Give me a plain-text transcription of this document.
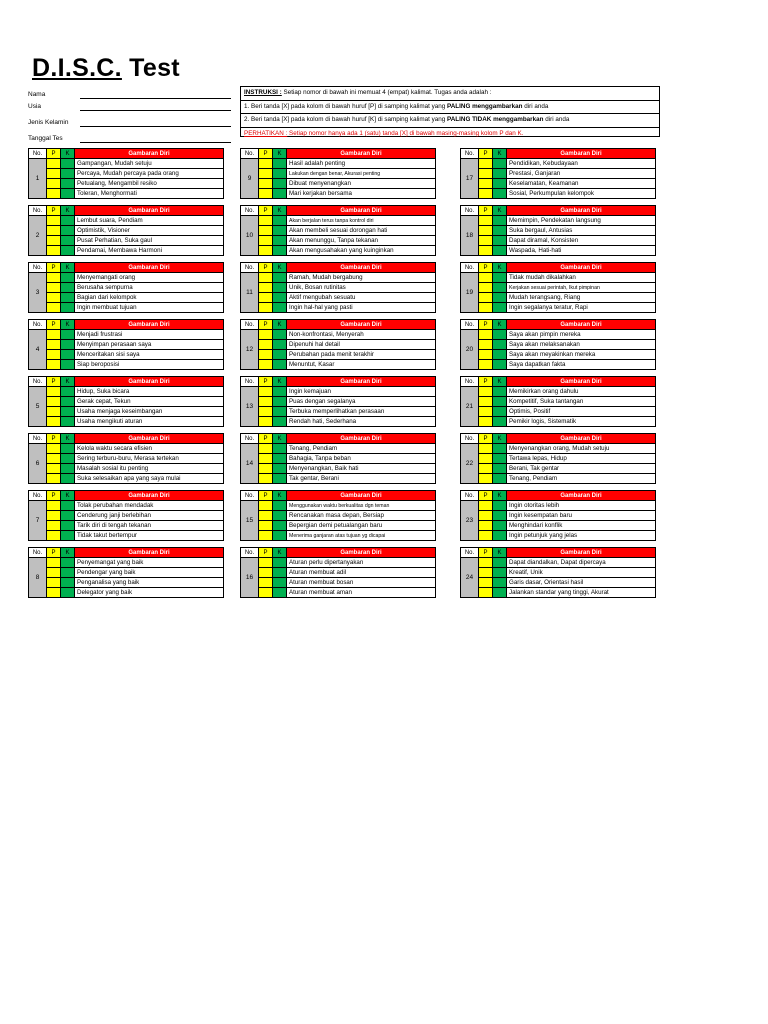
D.I.S.C. Test
Nama
Usia
Jenis Kelamin
Tanggal Tes
INSTRUKSI : Setiap nomor di bawah ini memuat 4 (empat) kalimat. Tugas anda adalah :
1. Beri tanda [X] pada kolom di bawah huruf [P] di samping kalimat yang PALING menggambarkan diri anda
2. Beri tanda [X] pada kolom di bawah huruf [K] di samping kalimat yang PALING TIDAK menggambarkan diri anda
PERHATIKAN : Setiap nomor hanya ada 1 (satu) tanda [X] di bawah masing-masing kolom P dan K.
No.	P	K	Gambaran Diri
1			Gampangan, Mudah setuju
			Percaya, Mudah percaya pada orang
			Petualang, Mengambil resiko
			Toleran, Menghormati
No.	P	K	Gambaran Diri
2			Lembut suara, Pendiam
			Optimistik, Visioner
			Pusat Perhatian, Suka gaul
			Pendamai, Membawa Harmoni
No.	P	K	Gambaran Diri
3			Menyemangati orang
			Berusaha sempurna
			Bagian dari kelompok
			Ingin membuat tujuan
No.	P	K	Gambaran Diri
4			Menjadi frustrasi
			Menyimpan perasaan saya
			Menceritakan sisi saya
			Siap beroposisi
No.	P	K	Gambaran Diri
5			Hidup, Suka bicara
			Gerak cepat, Tekun
			Usaha menjaga keseimbangan
			Usaha mengikuti aturan
No.	P	K	Gambaran Diri
6			Kelola waktu secara efisien
			Sering terburu-buru, Merasa tertekan
			Masalah sosial itu penting
			Suka selesaikan apa yang saya mulai
No.	P	K	Gambaran Diri
7			Tolak perubahan mendadak
			Cenderung janji berlebihan
			Tarik diri di tengah tekanan
			Tidak takut bertempur
No.	P	K	Gambaran Diri
8			Penyemangat yang baik
			Pendengar yang baik
			Penganalisa yang baik
			Delegator yang baik
No.	P	K	Gambaran Diri
9			Hasil adalah penting
			Lakukan dengan benar, Akurasi penting
			Dibuat menyenangkan
			Mari kerjakan bersama
No.	P	K	Gambaran Diri
10			Akan berjalan terus tanpa kontrol diri
			Akan membeli sesuai dorongan hati
			Akan menunggu, Tanpa tekanan
			Akan mengusahakan yang kuinginkan
No.	P	K	Gambaran Diri
11			Ramah, Mudah bergabung
			Unik, Bosan rutinitas
			Aktif mengubah sesuatu
			Ingin hal-hal yang pasti
No.	P	K	Gambaran Diri
12			Non-konfrontasi, Menyerah
			Dipenuhi hal detail
			Perubahan pada menit terakhir
			Menuntut, Kasar
No.	P	K	Gambaran Diri
13			Ingin kemajuan
			Puas dengan segalanya
			Terbuka memperlihatkan perasaan
			Rendah hati, Sederhana
No.	P	K	Gambaran Diri
14			Tenang, Pendiam
			Bahagia, Tanpa beban
			Menyenangkan, Baik hati
			Tak gentar, Berani
No.	P	K	Gambaran Diri
15			Menggunakan waktu berkualitas dgn teman
			Rencanakan masa depan, Bersiap
			Bepergian demi petualangan baru
			Menerima ganjaran atas tujuan yg dicapai
No.	P	K	Gambaran Diri
16			Aturan perlu dipertanyakan
			Aturan membuat adil
			Aturan membuat bosan
			Aturan membuat aman
No.	P	K	Gambaran Diri
17			Pendidikan, Kebudayaan
			Prestasi, Ganjaran
			Keselamatan, Keamanan
			Sosial, Perkumpulan kelompok
No.	P	K	Gambaran Diri
18			Memimpin, Pendekatan langsung
			Suka bergaul, Antusias
			Dapat diramal, Konsisten
			Waspada, Hati-hati
No.	P	K	Gambaran Diri
19			Tidak mudah dikalahkan
			Kerjakan sesuai perintah, Ikut pimpinan
			Mudah terangsang, Riang
			Ingin segalanya teratur, Rapi
No.	P	K	Gambaran Diri
20			Saya akan pimpin mereka
			Saya akan melaksanakan
			Saya akan meyakinkan mereka
			Saya dapatkan fakta
No.	P	K	Gambaran Diri
21			Memikirkan orang dahulu
			Kompetitif, Suka tantangan
			Optimis, Positif
			Pemikir logis, Sistematik
No.	P	K	Gambaran Diri
22			Menyenangkan orang, Mudah setuju
			Tertawa lepas, Hidup
			Berani, Tak gentar
			Tenang, Pendiam
No.	P	K	Gambaran Diri
23			Ingin otoritas lebih
			Ingin kesempatan baru
			Menghindari konflik
			Ingin petunjuk yang jelas
No.	P	K	Gambaran Diri
24			Dapat diandalkan, Dapat dipercaya
			Kreatif, Unik
			Garis dasar, Orientasi hasil
			Jalankan standar yang tinggi, Akurat
